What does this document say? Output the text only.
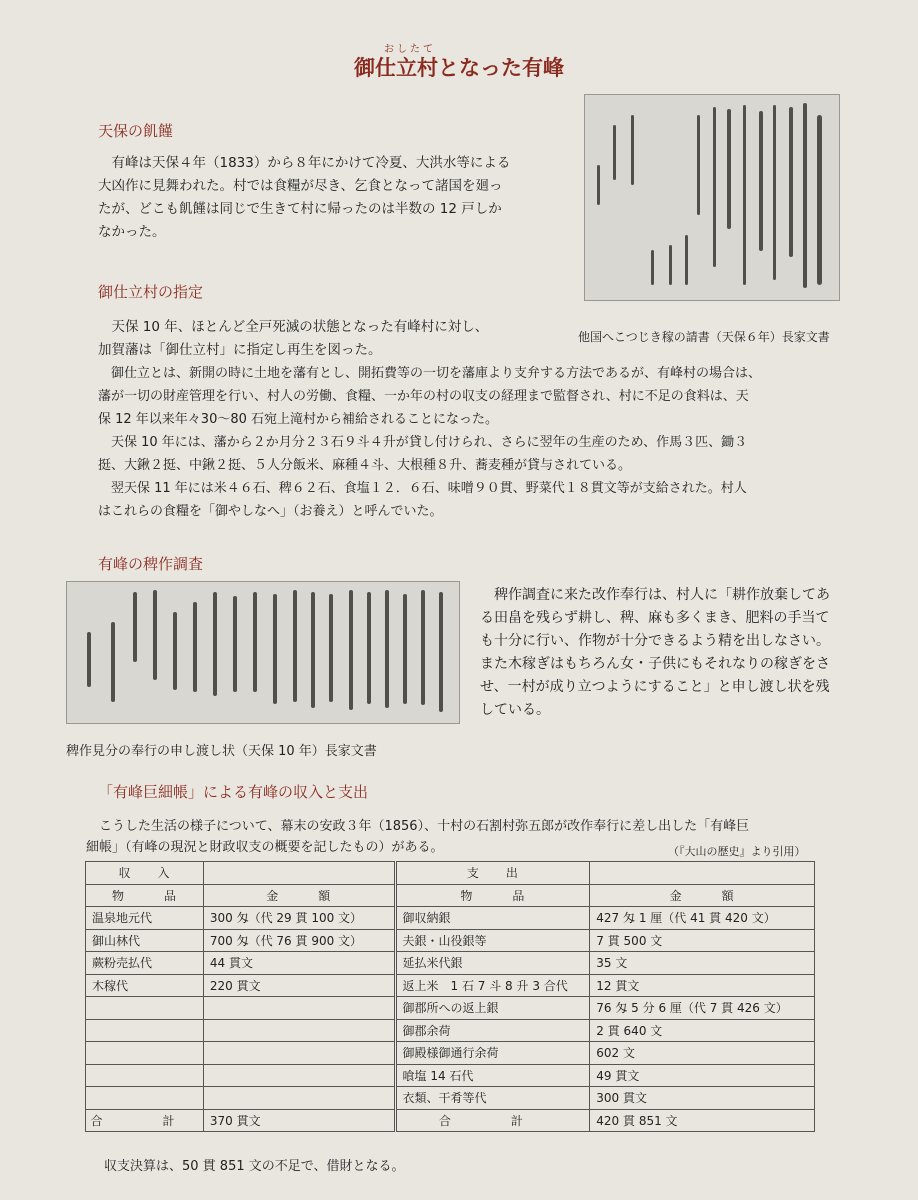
おしたて
御仕立村となった有峰
天保の飢饉

有峰は天保４年（1833）から８年にかけて冷夏、大洪水等による

大凶作に見舞われた。村では食糧が尽き、乞食となって諸国を廻っ

たが、どこも飢饉は同じで生きて村に帰ったのは半数の 12 戸しか

なかった。

他国へこつじき稼の請書（天保６年）長家文書
御仕立村の指定

天保 10 年、ほとんど全戸死滅の状態となった有峰村に対し、

加賀藩は「御仕立村」に指定し再生を図った。

御仕立とは、新開の時に土地を藩有とし、開拓費等の一切を藩庫より支弁する方法であるが、有峰村の場合は、

藩が一切の財産管理を行い、村人の労働、食糧、一か年の村の収支の経理まで監督され、村に不足の食料は、天

保 12 年以来年々30～80 石宛上滝村から補給されることになった。

天保 10 年には、藩から２か月分２３石９斗４升が貸し付けられ、さらに翌年の生産のため、作馬３匹、鋤３

挺、大鍬２挺、中鍬２挺、５人分飯米、麻種４斗、大根種８升、蕎麦種が貸与されている。

翌天保 11 年には米４６石、稗６２石、食塩１２．６石、味噌９０貫、野菜代１８貫文等が支給された。村人

はこれらの食糧を「御やしなへ」（お養え）と呼んでいた。

有峰の稗作調査
稗作見分の奉行の申し渡し状（天保 10 年）長家文書

稗作調査に来た改作奉行は、村人に「耕作放棄してあ

る田畠を残らず耕し、稗、麻も多くまき、肥料の手当て

も十分に行い、作物が十分できるよう精を出しなさい。

また木稼ぎはもちろん女・子供にもそれなりの稼ぎをさ

せ、一村が成り立つようにすること」と申し渡し状を残

している。

「有峰巨細帳」による有峰の収入と支出

こうした生活の様子について、幕末の安政３年（1856）、十村の石割村弥五郎が改作奉行に差し出した「有峰巨

細帳」（有峰の現況と財政収支の概要を記したもの）がある。	（『大山の歴史』より引用）
収　　入		支　　出	
物　　　品	金　　　額	物　　　品	金　　　額
温泉地元代	300 匁（代 29 貫 100 文）	御収納銀	427 匁 1 厘（代 41 貫 420 文）
御山林代	700 匁（代 76 貫 900 文）	夫銀・山役銀等	7 貫 500 文
蕨粉売払代	44 貫文	延払米代銀	35 文
木稼代	220 貫文	返上米　1 石 7 斗 8 升 3 合代	12 貫文
		御郡所への返上銀	76 匁 5 分 6 厘（代 7 貫 426 文）
		御郡余荷	2 貫 640 文
		御殿様御通行余荷	602 文
		喰塩 14 石代	49 貫文
		衣類、干肴等代	300 貫文
合　計	370 貫文	合　計	420 貫 851 文
収支決算は、50 貫 851 文の不足で、借財となる。
